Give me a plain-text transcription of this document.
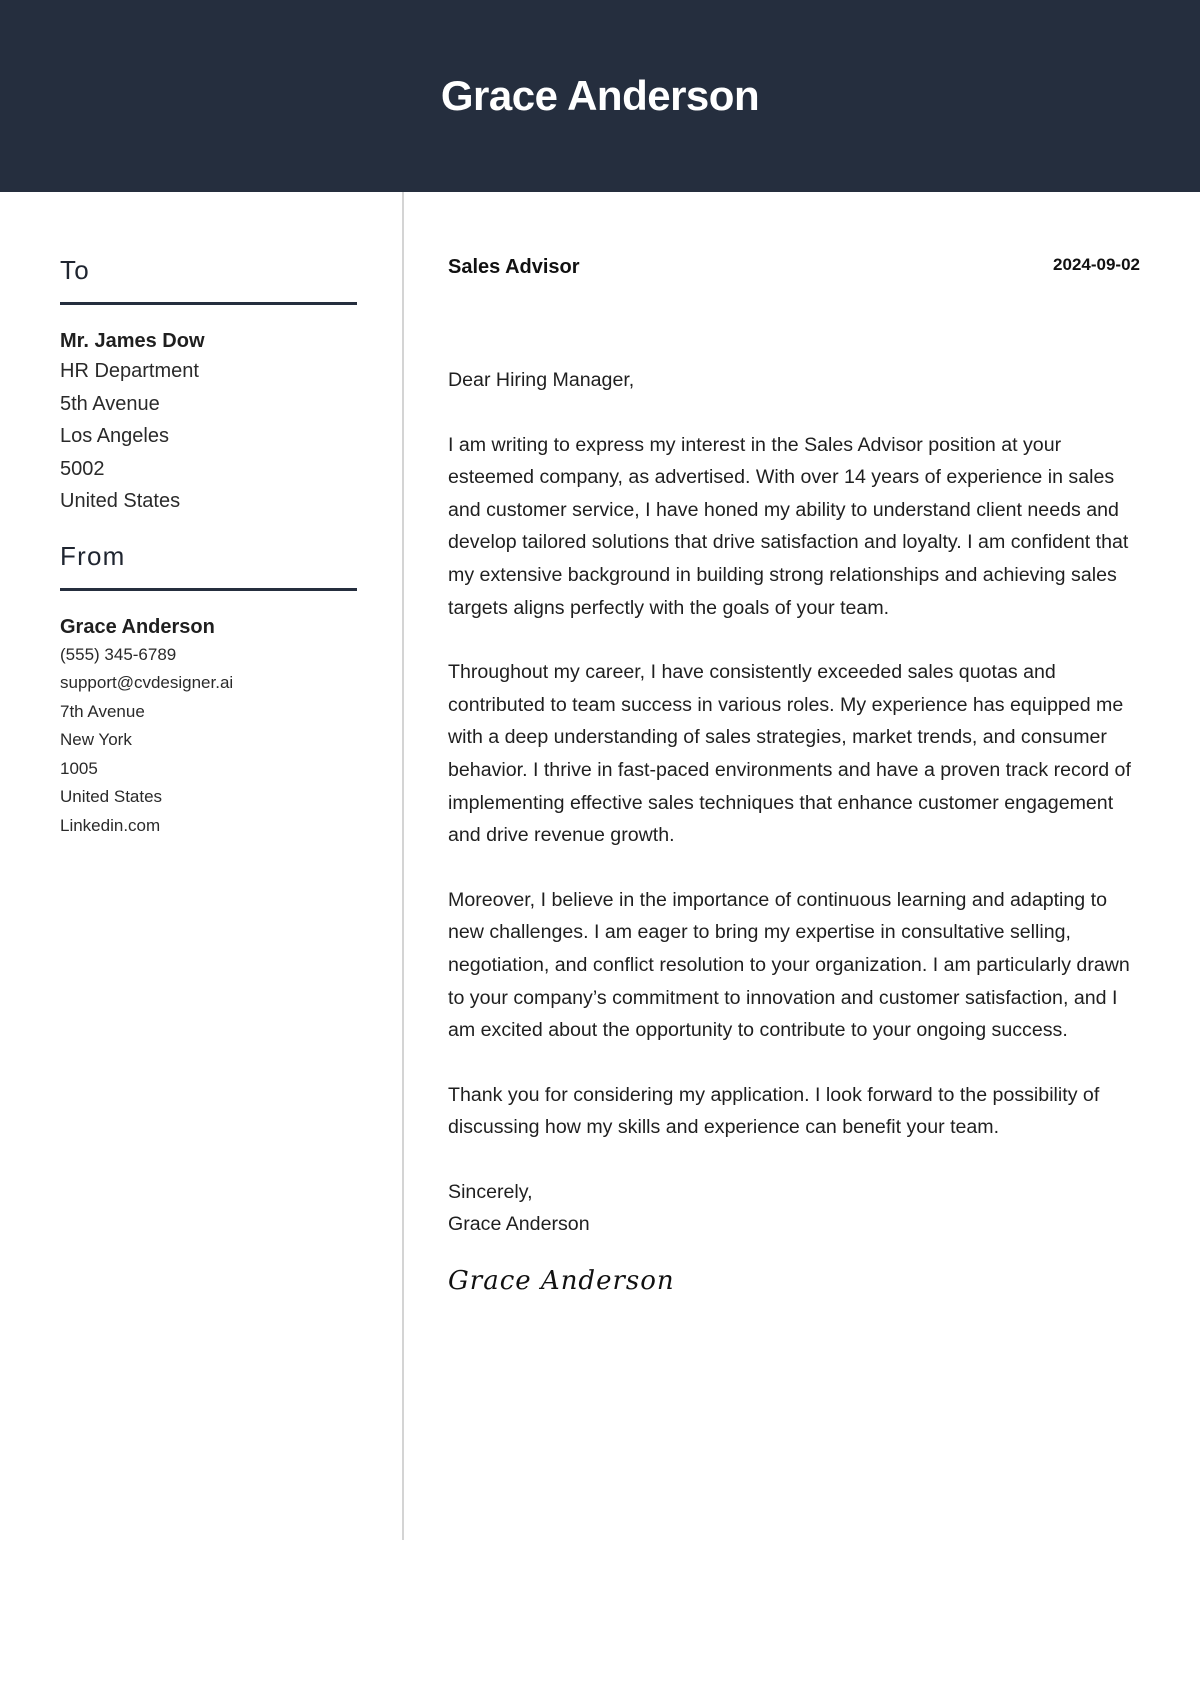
Grace Anderson
To
Mr. James Dow
HR Department
5th Avenue
Los Angeles
5002
United States
From
Grace Anderson
(555) 345-6789
support@cvdesigner.ai
7th Avenue
New York
1005
United States
Linkedin.com
Sales Advisor	2024-09-02

Dear Hiring Manager,

I am writing to express my interest in the Sales Advisor position at your esteemed company, as advertised. With over 14 years of experience in sales and customer service, I have honed my ability to understand client needs and develop tailored solutions that drive satisfaction and loyalty. I am confident that my extensive background in building strong relationships and achieving sales targets aligns perfectly with the goals of your team.

Throughout my career, I have consistently exceeded sales quotas and contributed to team success in various roles. My experience has equipped me with a deep understanding of sales strategies, market trends, and consumer behavior. I thrive in fast-paced environments and have a proven track record of implementing effective sales techniques that enhance customer engagement and drive revenue growth.

Moreover, I believe in the importance of continuous learning and adapting to new challenges. I am eager to bring my expertise in consultative selling, negotiation, and conflict resolution to your organization. I am particularly drawn to your company’s commitment to innovation and customer satisfaction, and I am excited about the opportunity to contribute to your ongoing success.

Thank you for considering my application. I look forward to the possibility of discussing how my skills and experience can benefit your team.

Sincerely,

Grace Anderson

Grace Anderson
